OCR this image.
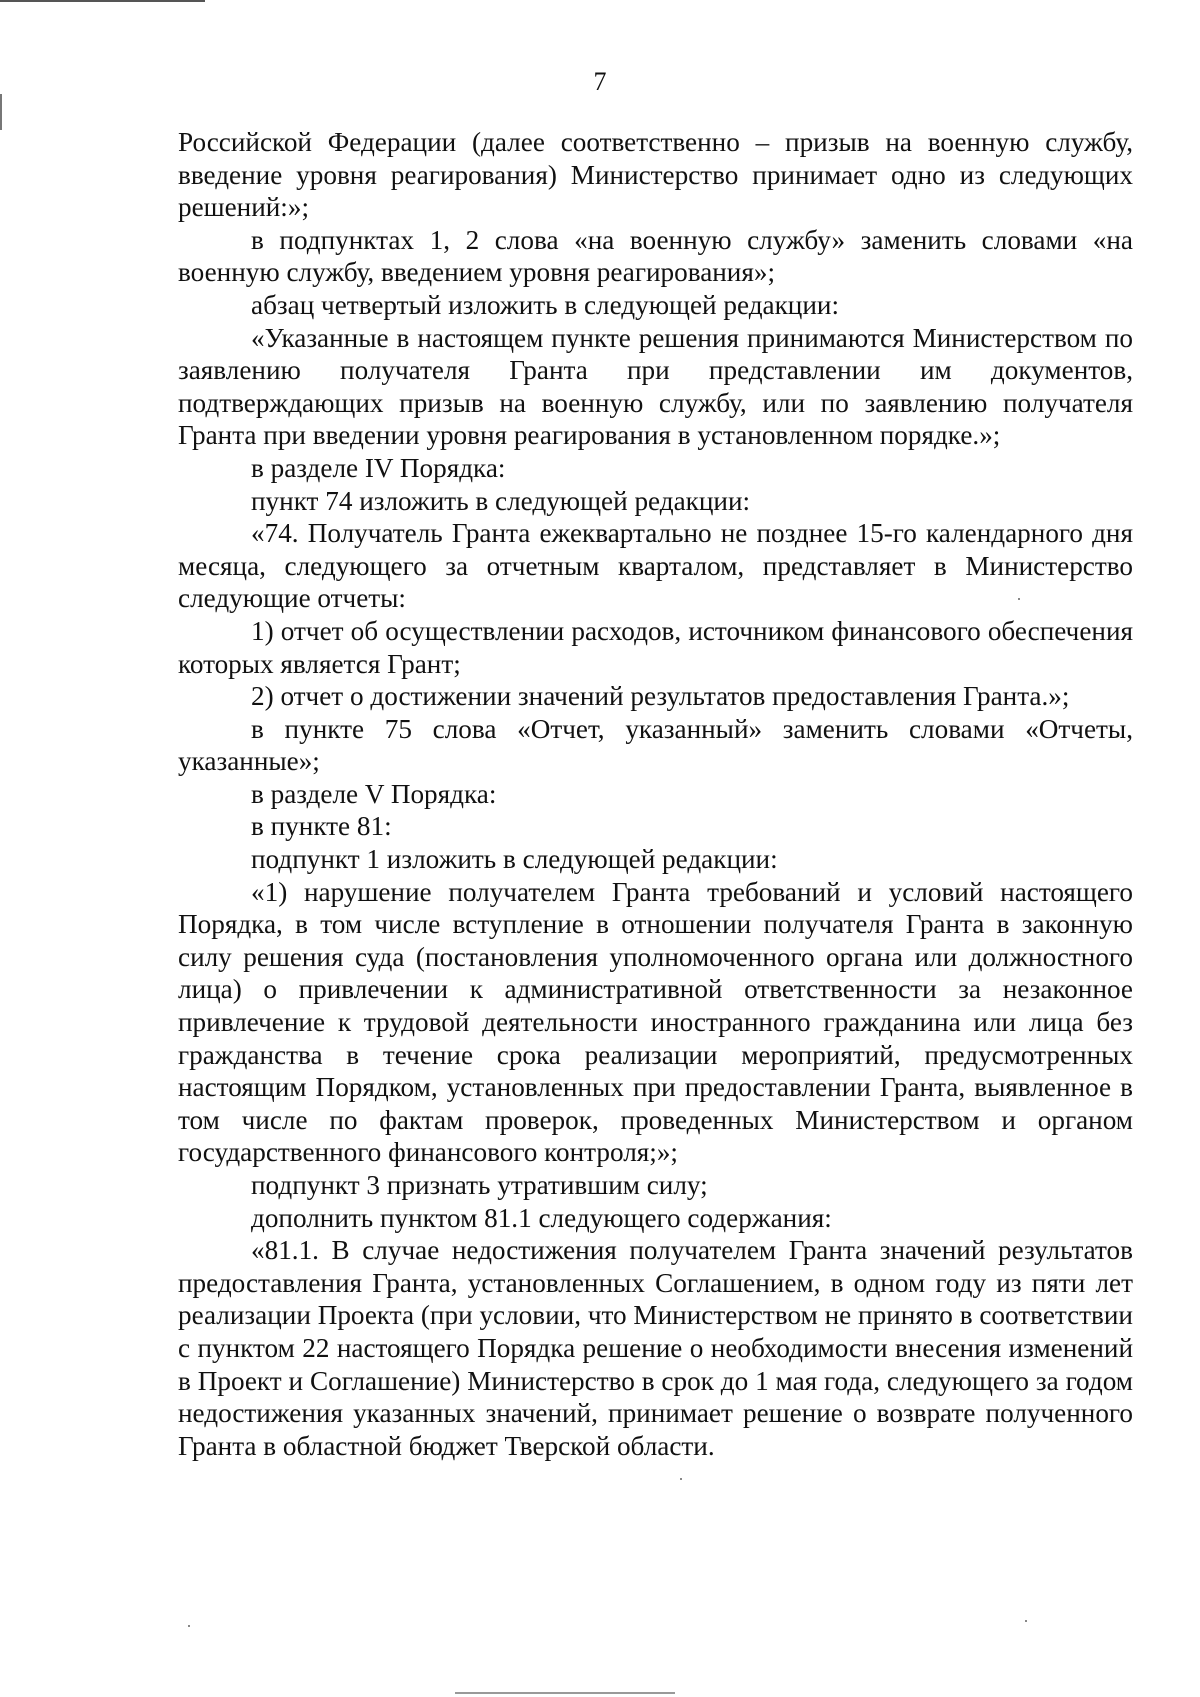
7

Российской Федерации (далее соответственно – призыв на военную службу, введение уровня реагирования) Министерство принимает одно из следующих решений:»;

в подпунктах 1, 2 слова «на военную службу» заменить словами «на военную службу, введением уровня реагирования»;

абзац четвертый изложить в следующей редакции:

«Указанные в настоящем пункте решения принимаются Министерством по заявлению получателя Гранта при представлении им документов, подтверждающих призыв на военную службу, или по заявлению получателя Гранта при введении уровня реагирования в установленном порядке.»;

в разделе IV Порядка:

пункт 74 изложить в следующей редакции:

«74. Получатель Гранта ежеквартально не позднее 15-го календарного дня месяца, следующего за отчетным кварталом, представляет в Министерство следующие отчеты:

1) отчет об осуществлении расходов, источником финансового обеспечения которых является Грант;

2) отчет о достижении значений результатов предоставления Гранта.»;

в пункте 75 слова «Отчет, указанный» заменить словами «Отчеты, указанные»;

в разделе V Порядка:

в пункте 81:

подпункт 1 изложить в следующей редакции:

«1) нарушение получателем Гранта требований и условий настоящего Порядка, в том числе вступление в отношении получателя Гранта в законную силу решения суда (постановления уполномоченного органа или должностного лица) о привлечении к административной ответственности за незаконное привлечение к трудовой деятельности иностранного гражданина или лица без гражданства в течение срока реализации мероприятий, предусмотренных настоящим Порядком, установленных при предоставлении Гранта, выявленное в том числе по фактам проверок, проведенных Министерством и органом государственного финансового контроля;»;

подпункт 3 признать утратившим силу;

дополнить пунктом 81.1 следующего содержания:

«81.1. В случае недостижения получателем Гранта значений результатов предоставления Гранта, установленных Соглашением, в одном году из пяти лет реализации Проекта (при условии, что Министерством не принято в соответствии с пунктом 22 настоящего Порядка решение о необходимости внесения изменений в Проект и Соглашение) Министерство в срок до 1 мая года, следующего за годом недостижения указанных значений, принимает решение о возврате полученного Гранта в областной бюджет Тверской области.
